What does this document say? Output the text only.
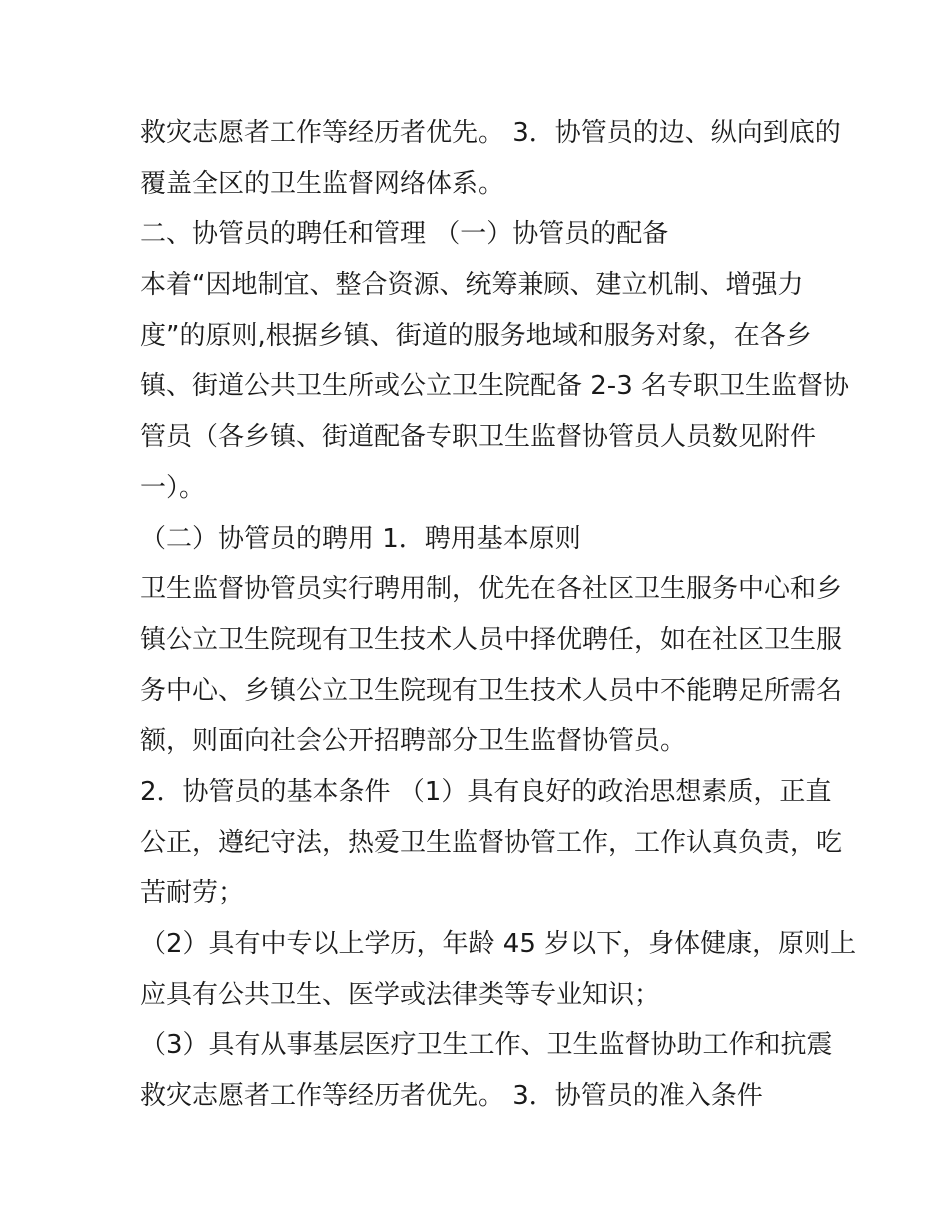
救灾志愿者工作等经历者优先。 3．协管员的边、纵向到底的
覆盖全区的卫生监督网络体系。
二、协管员的聘任和管理 （一）协管员的配备
本着“因地制宜、整合资源、统筹兼顾、建立机制、增强力
度”的原则,根据乡镇、街道的服务地域和服务对象，在各乡
镇、街道公共卫生所或公立卫生院配备 2-3 名专职卫生监督协
管员（各乡镇、街道配备专职卫生监督协管员人员数见附件
一）。
（二）协管员的聘用 1．聘用基本原则
卫生监督协管员实行聘用制，优先在各社区卫生服务中心和乡
镇公立卫生院现有卫生技术人员中择优聘任，如在社区卫生服
务中心、乡镇公立卫生院现有卫生技术人员中不能聘足所需名
额，则面向社会公开招聘部分卫生监督协管员。
2．协管员的基本条件 （1）具有良好的政治思想素质，正直
公正，遵纪守法，热爱卫生监督协管工作，工作认真负责，吃
苦耐劳；
（2）具有中专以上学历，年龄 45 岁以下，身体健康，原则上
应具有公共卫生、医学或法律类等专业知识；
（3）具有从事基层医疗卫生工作、卫生监督协助工作和抗震
救灾志愿者工作等经历者优先。 3．协管员的准入条件
